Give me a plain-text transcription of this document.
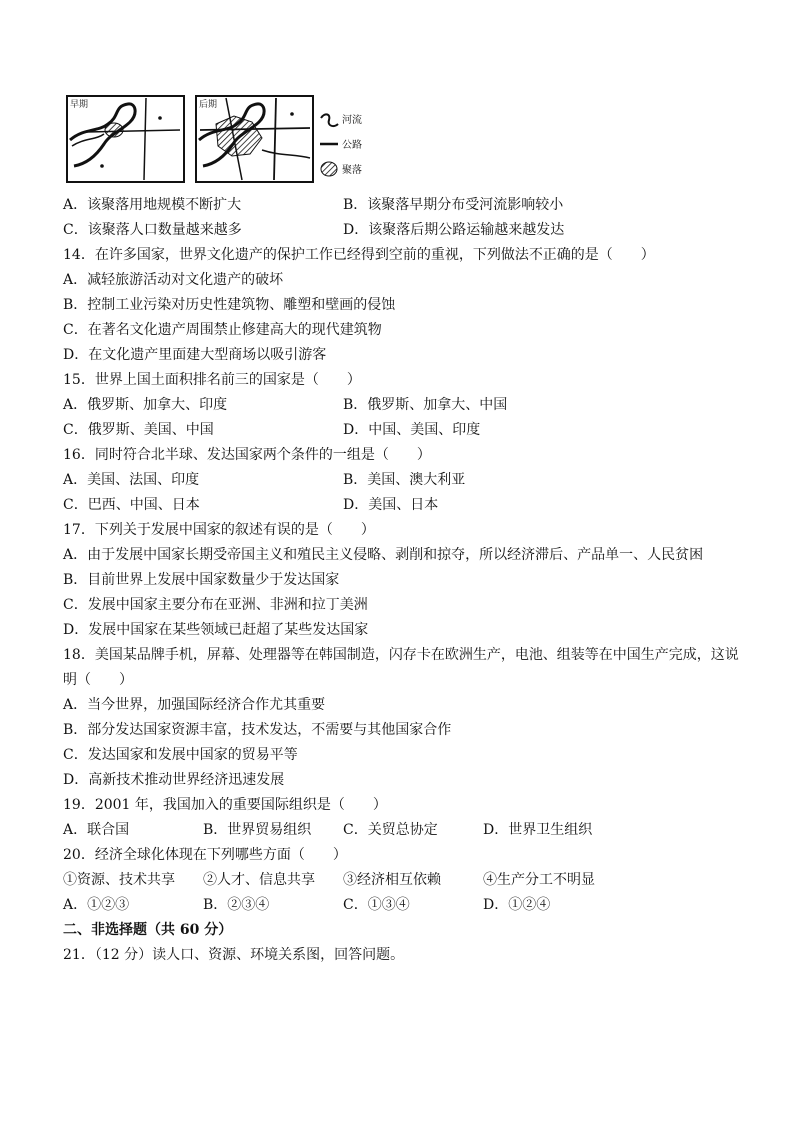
早期	后期
河流
公路
聚落
A．该聚落用地规模不断扩大	B．该聚落早期分布受河流影响较小
C．该聚落人口数量越来越多	D．该聚落后期公路运输越来越发达
14．在许多国家，世界文化遗产的保护工作已经得到空前的重视，下列做法不正确的是（　　）
A．减轻旅游活动对文化遗产的破坏
B．控制工业污染对历史性建筑物、雕塑和壁画的侵蚀
C．在著名文化遗产周围禁止修建高大的现代建筑物
D．在文化遗产里面建大型商场以吸引游客
15．世界上国土面积排名前三的国家是（　　）
A．俄罗斯、加拿大、印度	B．俄罗斯、加拿大、中国
C．俄罗斯、美国、中国	D．中国、美国、印度
16．同时符合北半球、发达国家两个条件的一组是（　　）
A．美国、法国、印度	B．美国、澳大利亚
C．巴西、中国、日本	D．美国、日本
17．下列关于发展中国家的叙述有误的是（　　）
A．由于发展中国家长期受帝国主义和殖民主义侵略、剥削和掠夺，所以经济滞后、产品单一、人民贫困
B．目前世界上发展中国家数量少于发达国家
C．发展中国家主要分布在亚洲、非洲和拉丁美洲
D．发展中国家在某些领域已赶超了某些发达国家
18．美国某品牌手机，屏幕、处理器等在韩国制造，闪存卡在欧洲生产，电池、组装等在中国生产完成，这说
明（　　）
A．当今世界，加强国际经济合作尤其重要
B．部分发达国家资源丰富，技术发达，不需要与其他国家合作
C．发达国家和发展中国家的贸易平等
D．高新技术推动世界经济迅速发展
19．2001 年，我国加入的重要国际组织是（　　）
A．联合国	B．世界贸易组织 C．关贸总协定	D．世界卫生组织
20．经济全球化体现在下列哪些方面（　　）
①资源、技术共享 ②人才、信息共享 ③经济相互依赖	④生产分工不明显
A．①②③	B．②③④	C．①③④	D．①②④
二、非选择题（共 60 分）
21．（12 分）读人口、资源、环境关系图，回答问题。
